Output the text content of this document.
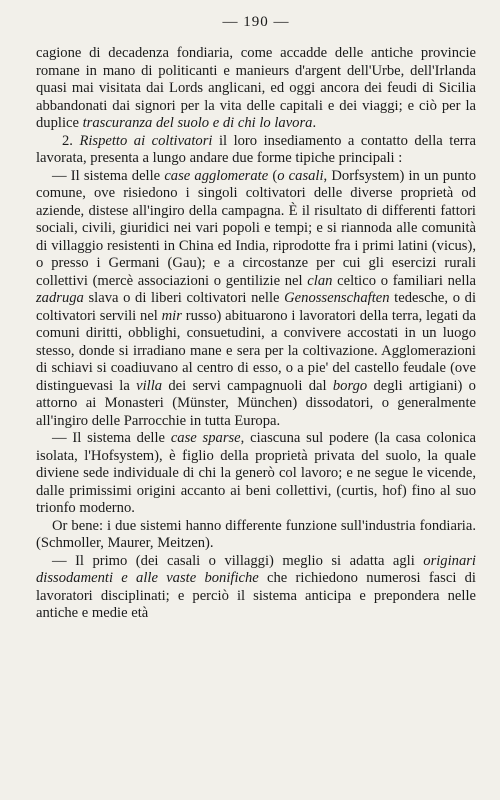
— 190 —

cagione di decadenza fondiaria, come accadde delle antiche provincie romane in mano di politicanti e manieurs d'argent dell'Urbe, dell'Irlanda quasi mai visitata dai Lords anglicani, ed oggi ancora dei feudi di Sicilia abbandonati dai signori per la vita delle capitali e dei viaggi; e ciò per la duplice trascuranza del suolo e di chi lo lavora.

2. Rispetto ai coltivatori il loro insediamento a contatto della terra lavorata, presenta a lungo andare due forme tipiche principali :

— Il sistema delle case agglomerate (o casali, Dorfsystem) in un punto comune, ove risiedono i singoli coltivatori delle diverse proprietà od aziende, distese all'ingiro della campagna. È il risultato di differenti fattori sociali, civili, giuridici nei vari popoli e tempi; e si riannoda alle comunità di villaggio resistenti in China ed India, riprodotte fra i primi latini (vicus), o presso i Germani (Gau); e a circostanze per cui gli esercizi rurali collettivi (mercè associazioni o gentilizie nel clan celtico o familiari nella zadruga slava o di liberi coltivatori nelle Genossenschaften tedesche, o di coltivatori servili nel mir russo) abituarono i lavoratori della terra, legati da comuni diritti, obblighi, consuetudini, a convivere accostati in un luogo stesso, donde si irradiano mane e sera per la coltivazione. Agglomerazioni di schiavi si coadiuvano al centro di esso, o a pie' del castello feudale (ove distinguevasi la villa dei servi campagnuoli dal borgo degli artigiani) o attorno ai Monasteri (Münster, München) dissodatori, o generalmente all'ingiro delle Parrocchie in tutta Europa.

— Il sistema delle case sparse, ciascuna sul podere (la casa colonica isolata, l'Hofsystem), è figlio della proprietà privata del suolo, la quale diviene sede individuale di chi la generò col lavoro; e ne segue le vicende, dalle primissimi origini accanto ai beni collettivi, (curtis, hof) fino al suo trionfo moderno.

Or bene: i due sistemi hanno differente funzione sull'industria fondiaria. (Schmoller, Maurer, Meitzen).

— Il primo (dei casali o villaggi) meglio si adatta agli originari dissodamenti e alle vaste bonifiche che richiedono numerosi fasci di lavoratori disciplinati; e perciò il sistema anticipa e prepondera nelle antiche e medie età
